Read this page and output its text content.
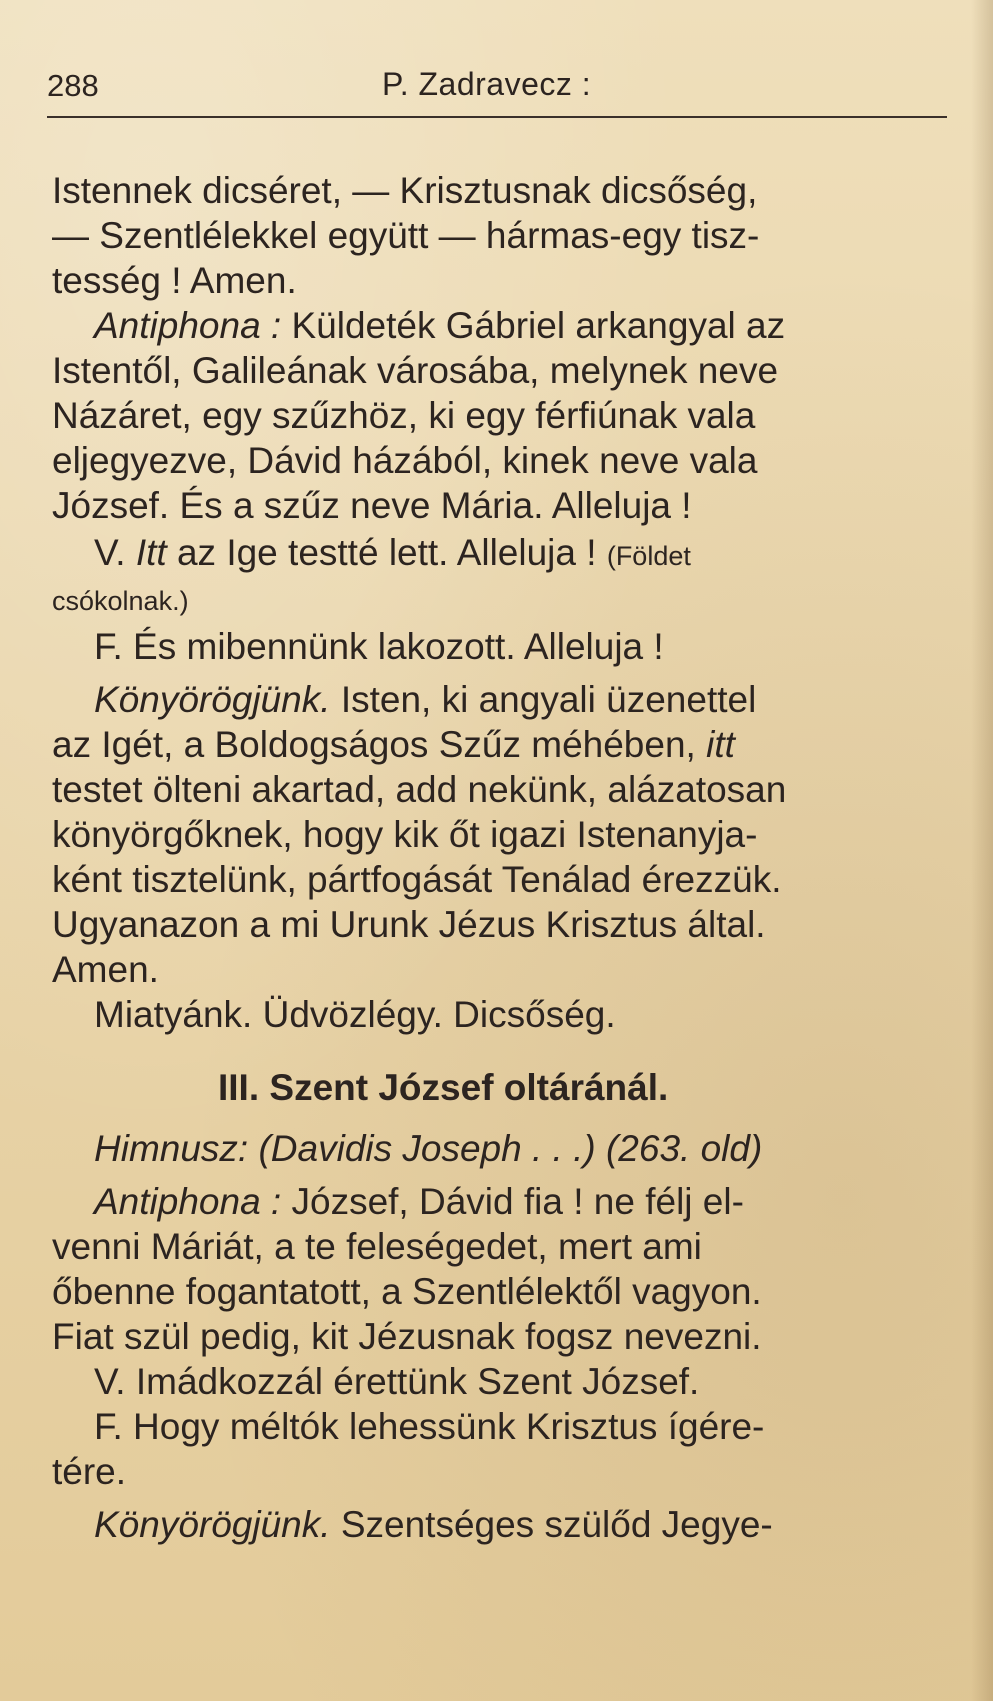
288	P. Zadravecz :

Istennek dicséret, — Krisztusnak dicsőség,
— Szentlélekkel együtt — hármas-egy tisz-
tesség ! Amen.

Antiphona : Küldeték Gábriel arkangyal az

Istentől, Galileának városába, melynek neve
Názáret, egy szűzhöz, ki egy férfiúnak vala
eljegyezve, Dávid házából, kinek neve vala
József. És a szűz neve Mária. Alleluja !

V. Itt az Ige testté lett. Alleluja ! (Földet

csókolnak.)

F. És mibennünk lakozott. Alleluja !

Könyörögjünk. Isten, ki angyali üzenettel

az Igét, a Boldogságos Szűz méhében, itt
testet ölteni akartad, add nekünk, alázatosan
könyörgőknek, hogy kik őt igazi Istenanyja-
ként tisztelünk, pártfogását Tenálad érezzük.
Ugyanazon a mi Urunk Jézus Krisztus által.
Amen.

Miatyánk. Üdvözlégy. Dicsőség.

III. Szent József oltáránál.

Himnusz: (Davidis Joseph . . .) (263. old)

Antiphona : József, Dávid fia ! ne félj el-

venni Máriát, a te feleségedet, mert ami
őbenne fogantatott, a Szentlélektől vagyon.
Fiat szül pedig, kit Jézusnak fogsz nevezni.

V. Imádkozzál érettünk Szent József.

F. Hogy méltók lehessünk Krisztus ígére-

tére.

Könyörögjünk. Szentséges szülőd Jegye-
